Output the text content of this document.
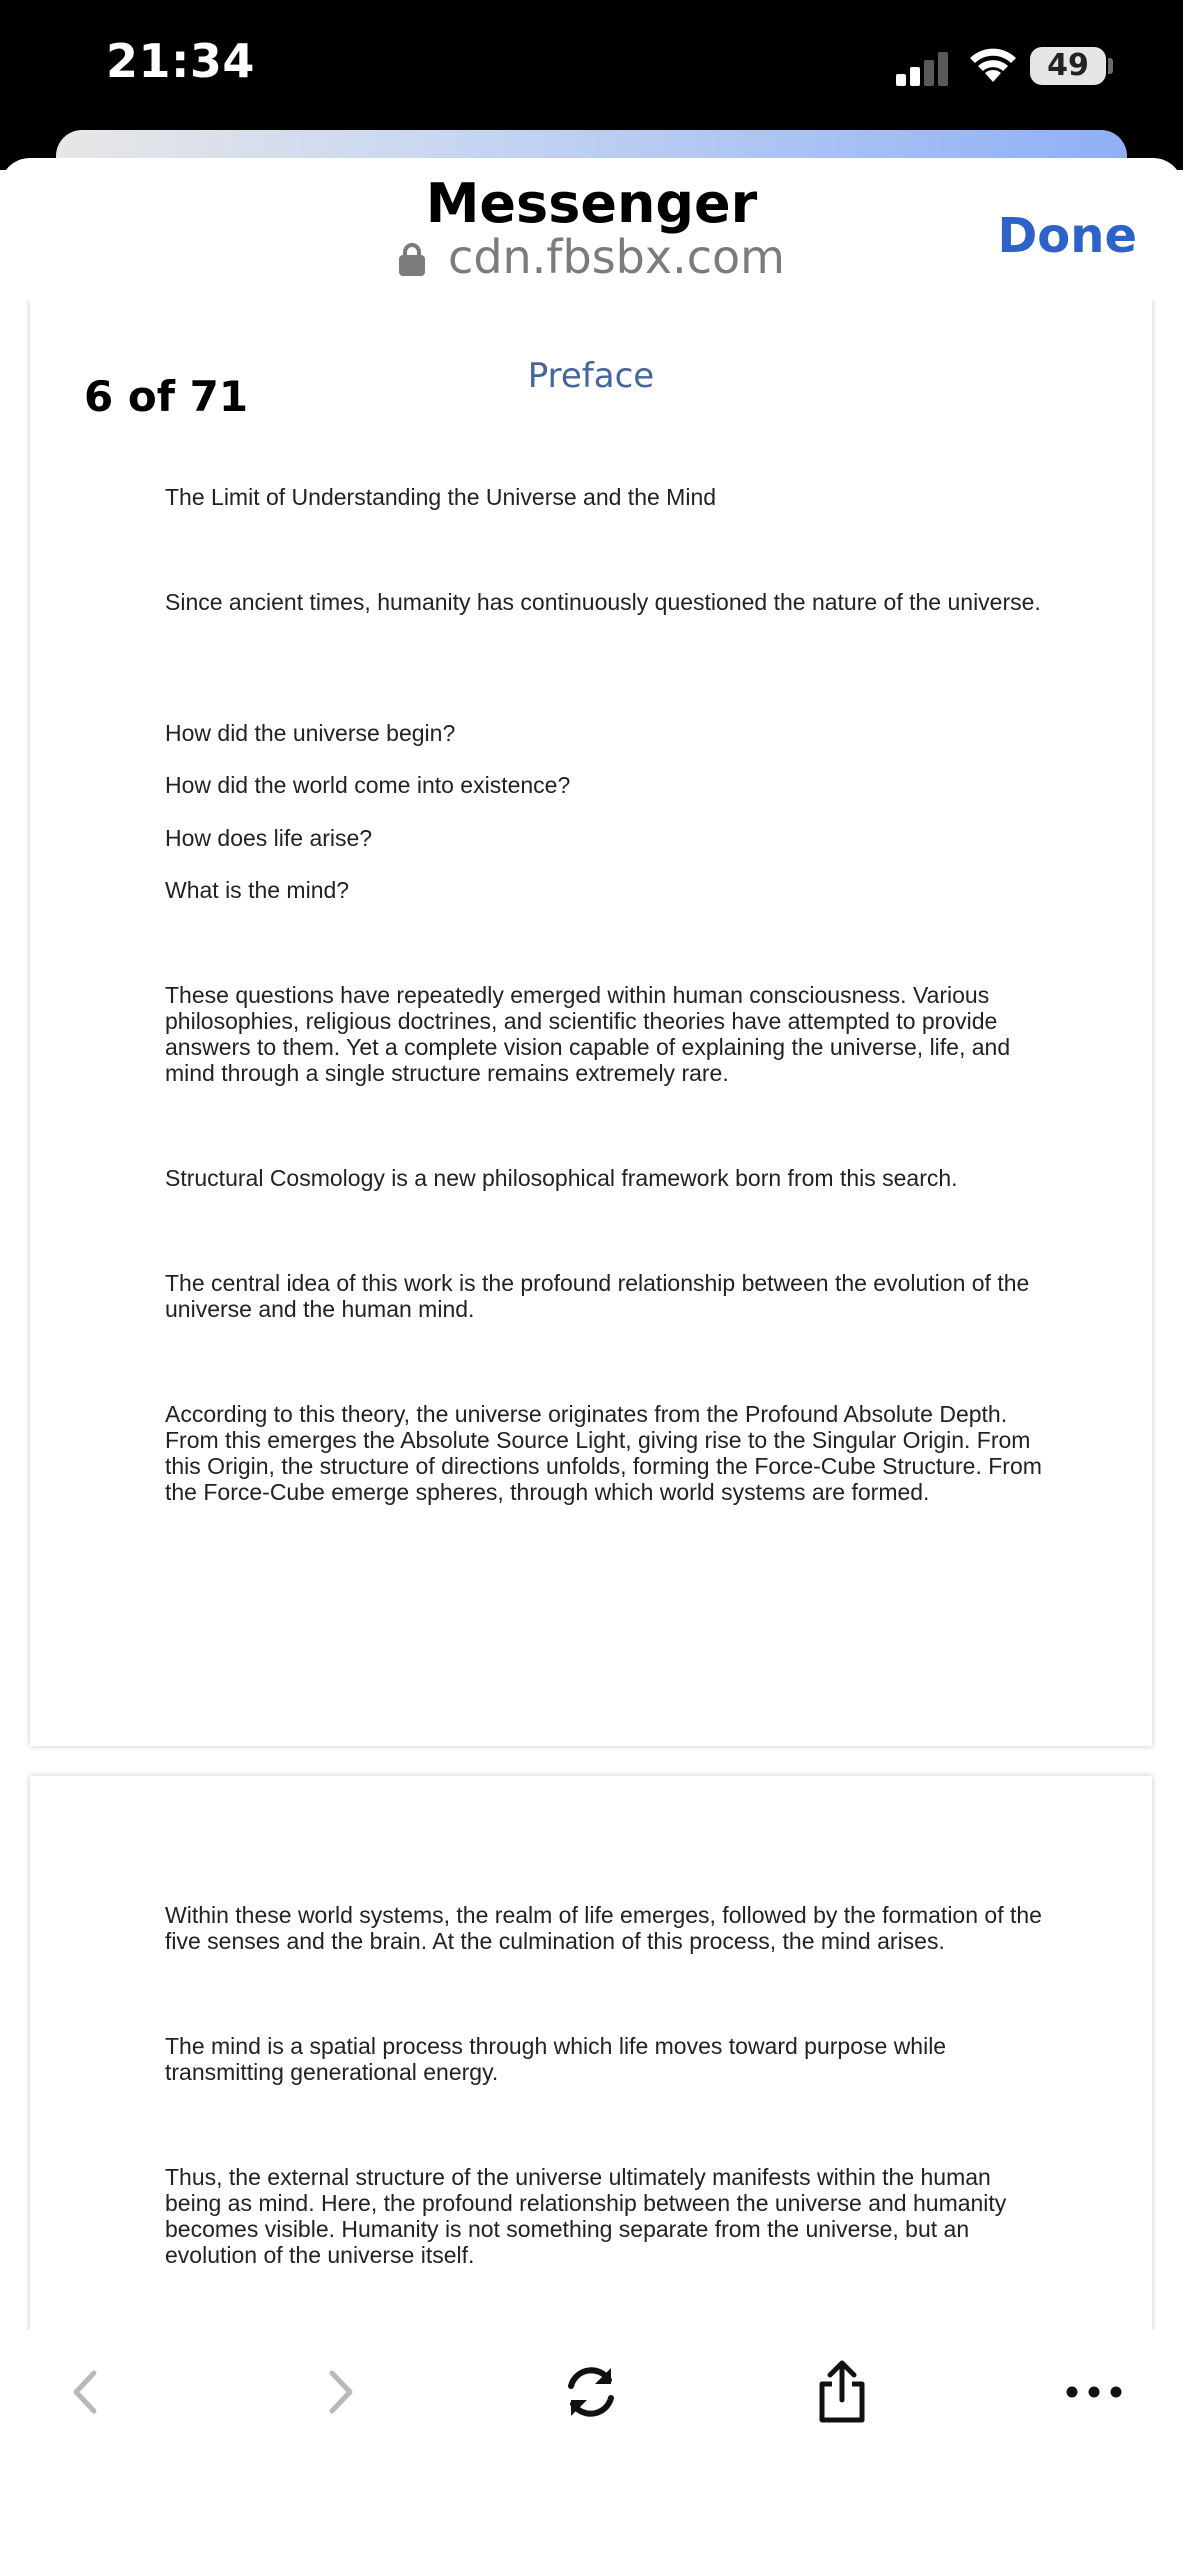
21:34	49
Messenger
cdn.fbsbx.com	Done
Preface
The Limit of Understanding the Universe and the Mind
Since ancient times, humanity has continuously questioned the nature of the universe.
How did the universe begin?
How did the world come into existence?
How does life arise?
What is the mind?
These questions have repeatedly emerged within human consciousness. Various philosophies, religious doctrines, and scientific theories have attempted to provide answers to them. Yet a complete vision capable of explaining the universe, life, and mind through a single structure remains extremely rare.
Structural Cosmology is a new philosophical framework born from this search.
The central idea of this work is the profound relationship between the evolution of the universe and the human mind.
According to this theory, the universe originates from the Profound Absolute Depth. From this emerges the Absolute Source Light, giving rise to the Singular Origin. From this Origin, the structure of directions unfolds, forming the Force-Cube Structure. From the Force-Cube emerge spheres, through which world systems are formed.
Within these world systems, the realm of life emerges, followed by the formation of the five senses and the brain. At the culmination of this process, the mind arises.
The mind is a spatial process through which life moves toward purpose while transmitting generational energy.
Thus, the external structure of the universe ultimately manifests within the human being as mind. Here, the profound relationship between the universe and humanity becomes visible. Humanity is not something separate from the universe, but an evolution of the universe itself.
6 of 71
